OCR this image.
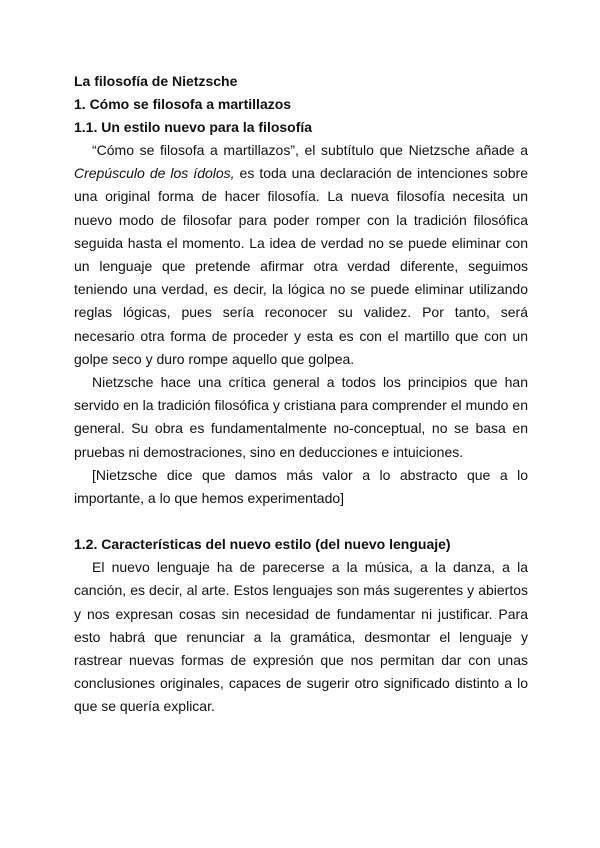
La filosofía de Nietzsche

1. Cómo se filosofa a martillazos

1.1. Un estilo nuevo para la filosofía

“Cómo se filosofa a martillazos”, el subtítulo que Nietzsche añade a Crepúsculo de los ídolos, es toda una declaración de intenciones sobre una original forma de hacer filosofía. La nueva filosofía necesita un nuevo modo de filosofar para poder romper con la tradición filosófica seguida hasta el momento. La idea de verdad no se puede eliminar con un lenguaje que pretende afirmar otra verdad diferente, seguimos teniendo una verdad, es decir, la lógica no se puede eliminar utilizando reglas lógicas, pues sería reconocer su validez. Por tanto, será necesario otra forma de proceder y esta es con el martillo que con un golpe seco y duro rompe aquello que golpea.

Nietzsche hace una crítica general a todos los principios que han servido en la tradición filosófica y cristiana para comprender el mundo en general. Su obra es fundamentalmente no-conceptual, no se basa en pruebas ni demostraciones, sino en deducciones e intuiciones.

[Nietzsche dice que damos más valor a lo abstracto que a lo importante, a lo que hemos experimentado]

1.2. Características del nuevo estilo (del nuevo lenguaje)

El nuevo lenguaje ha de parecerse a la música, a la danza, a la canción, es decir, al arte. Estos lenguajes son más sugerentes y abiertos y nos expresan cosas sin necesidad de fundamentar ni justificar. Para esto habrá que renunciar a la gramática, desmontar el lenguaje y rastrear nuevas formas de expresión que nos permitan dar con unas conclusiones originales, capaces de sugerir otro significado distinto a lo que se quería explicar.
